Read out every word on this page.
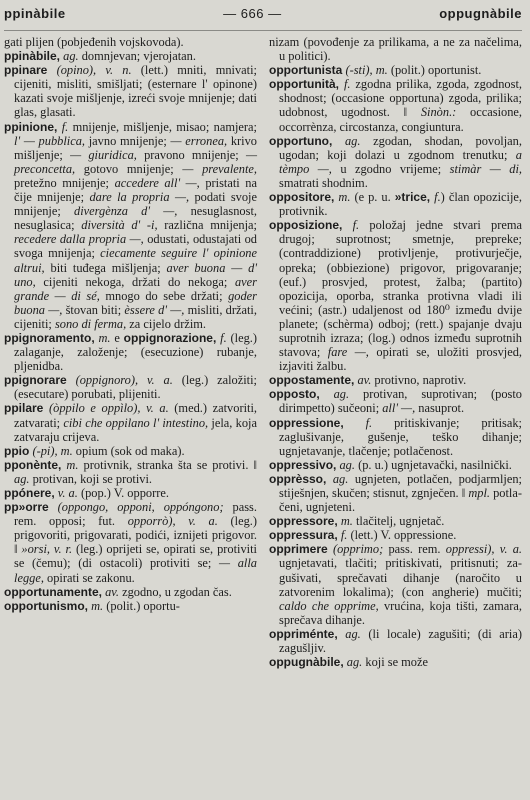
ppinàbile	— 666 —	oppugnàbile

gati plijen (pobjeđenih vojskovoda).

ppinàbile, ag. domnjevan; vjerojatan.

ppinare (opino), v. n. (lett.) mniti, mnivati; cijeniti, misliti, smišljati; (esternare l' opinone) kazati svoje mišljenje, izreći svoje mnijenje; dati glas, glasati.

ppinione, f. mnijenje, mišljenje, misao; namjera; l' — pubblica, javno mnijenje; — erronea, krivo mišljenje; — giuridica, pravono mnijenje; — preconcetta, gotovo mnijenje; — prevalente, pretežno mnijenje; accedere all' —, pristati na čije mnijenje; dare la propria —, podati svoje mnijenje; divergènza d' —, nesuglasnost, nesuglasica; diversità d' -i, različna mnijenja; recedere dalla propria —, odustati, odustajati od svoga mnijenja; ciecamente seguire l' opinione altrui, biti tuđega mišljenja; aver buona — d' uno, cijeniti nekoga, držati do nekoga; aver grande — di sé, mnogo do sebe držati; goder buona —, štovan biti; èssere d' —, misliti, držati, cijeniti; sono di ferma, za cijelo držim.

ppignoramento, m. e oppignorazione, f. (leg.) zalaganje, založenje; (esecuzione) rubanje, pljenidba.

ppignorare (oppignoro), v. a. (leg.) založiti; (esecutare) porubati, plijeniti.

ppilare (òppilo e oppìlo), v. a. (med.) zatvoriti, zatvarati; cibi che oppilano l' intestino, jela, koja zatvaraju crijeva.

ppio (-pi), m. opium (sok od maka).

pponènte, m. protivnik, stranka šta se protivi. ‖ ag. protivan, koji se protivi.

ppónere, v. a. (pop.) V. opporre.

pp»orre (oppongo, opponi, oppóngono; pass. rem. opposi; fut. opporrò), v. a. (leg.) prigovoriti, prigovarati, podići, iznijeti prigovor. ‖ »orsi, v. r. (leg.) oprijeti se, opirati se, protiviti se (čemu); (di ostacoli) protiviti se; — alla legge, opirati se zakonu.

opportunamente, av. zgodno, u zgodan čas.

opportunismo, m. (polit.) oportu-

nizam (povođenje za prilikama, a ne za načelima, u politici).

opportunista (-sti), m. (polit.) oportunist.

opportunità, f. zgodna prilika, zgoda, zgodnost, shodnost; (occasione opportuna) zgoda, prilika; udobnost, ugodnost. ‖ Sinòn.: occasione, occorrènza, circostanza, congiuntura.

opportuno, ag. zgodan, shodan, povoljan, ugodan; koji dolazi u zgodnom trenutku; a tèmpo —, u zgodno vrijeme; stimàr — di, smatrati shodnim.

oppositore, m. (e p. u. »trice, f.) član opozicije, protivnik.

opposizione, f. položaj jedne stvari prema drugoj; suprotnost; smetnje, prepreke; (contraddizione) protivljenje, protivurječje, opreka; (obbiezione) prigovor, prigovaranje; (euf.) prosvjed, protest, žalba; (partito) opozicija, oporba, stranka protivna vladi ili većini; (astr.) udaljenost od 180⁰ između dvije planete; (schèrma) odboj; (rett.) spajanje dvaju suprotnih izraza; (log.) odnos između suprotnih stavova; fare —, opirati se, uložiti prosvjed, izjaviti žalbu.

oppostamente, av. protivno, naprotiv.

opposto, ag. protivan, suprotivan; (posto dirimpetto) sučeoni; all' —, nasuprot.

oppressione, f. pritiskivanje; pritisak; zaglušivanje, gušenje, teško dihanje; ugnjetavanje, tlačenje; potlačenost.

oppressivo, ag. (p. u.) ugnjetavački, nasilnički.

opprèsso, ag. ugnjeten, potlačen, podjarmljen; stiješnjen, skučen; stisnut, zgnječen. ‖ mpl. potlačeni, ugnjeteni.

oppressore, m. tlačitelj, ugnjetač.

oppressura, f. (lett.) V. oppressione.

opprimere (opprimo; pass. rem. oppressi), v. a. ugnjetavati, tlačiti; pritiskivati, pritisnuti; zagušivati, sprečavati dihanje (naročito u zatvorenim lokalima); (con angherie) mučiti; caldo che opprime, vrućina, koja tišti, zamara, sprečava dihanje.

oppriménte, ag. (li locale) zagušiti; (di aria) zagušljiv.

oppugnàbile, ag. koji se može
